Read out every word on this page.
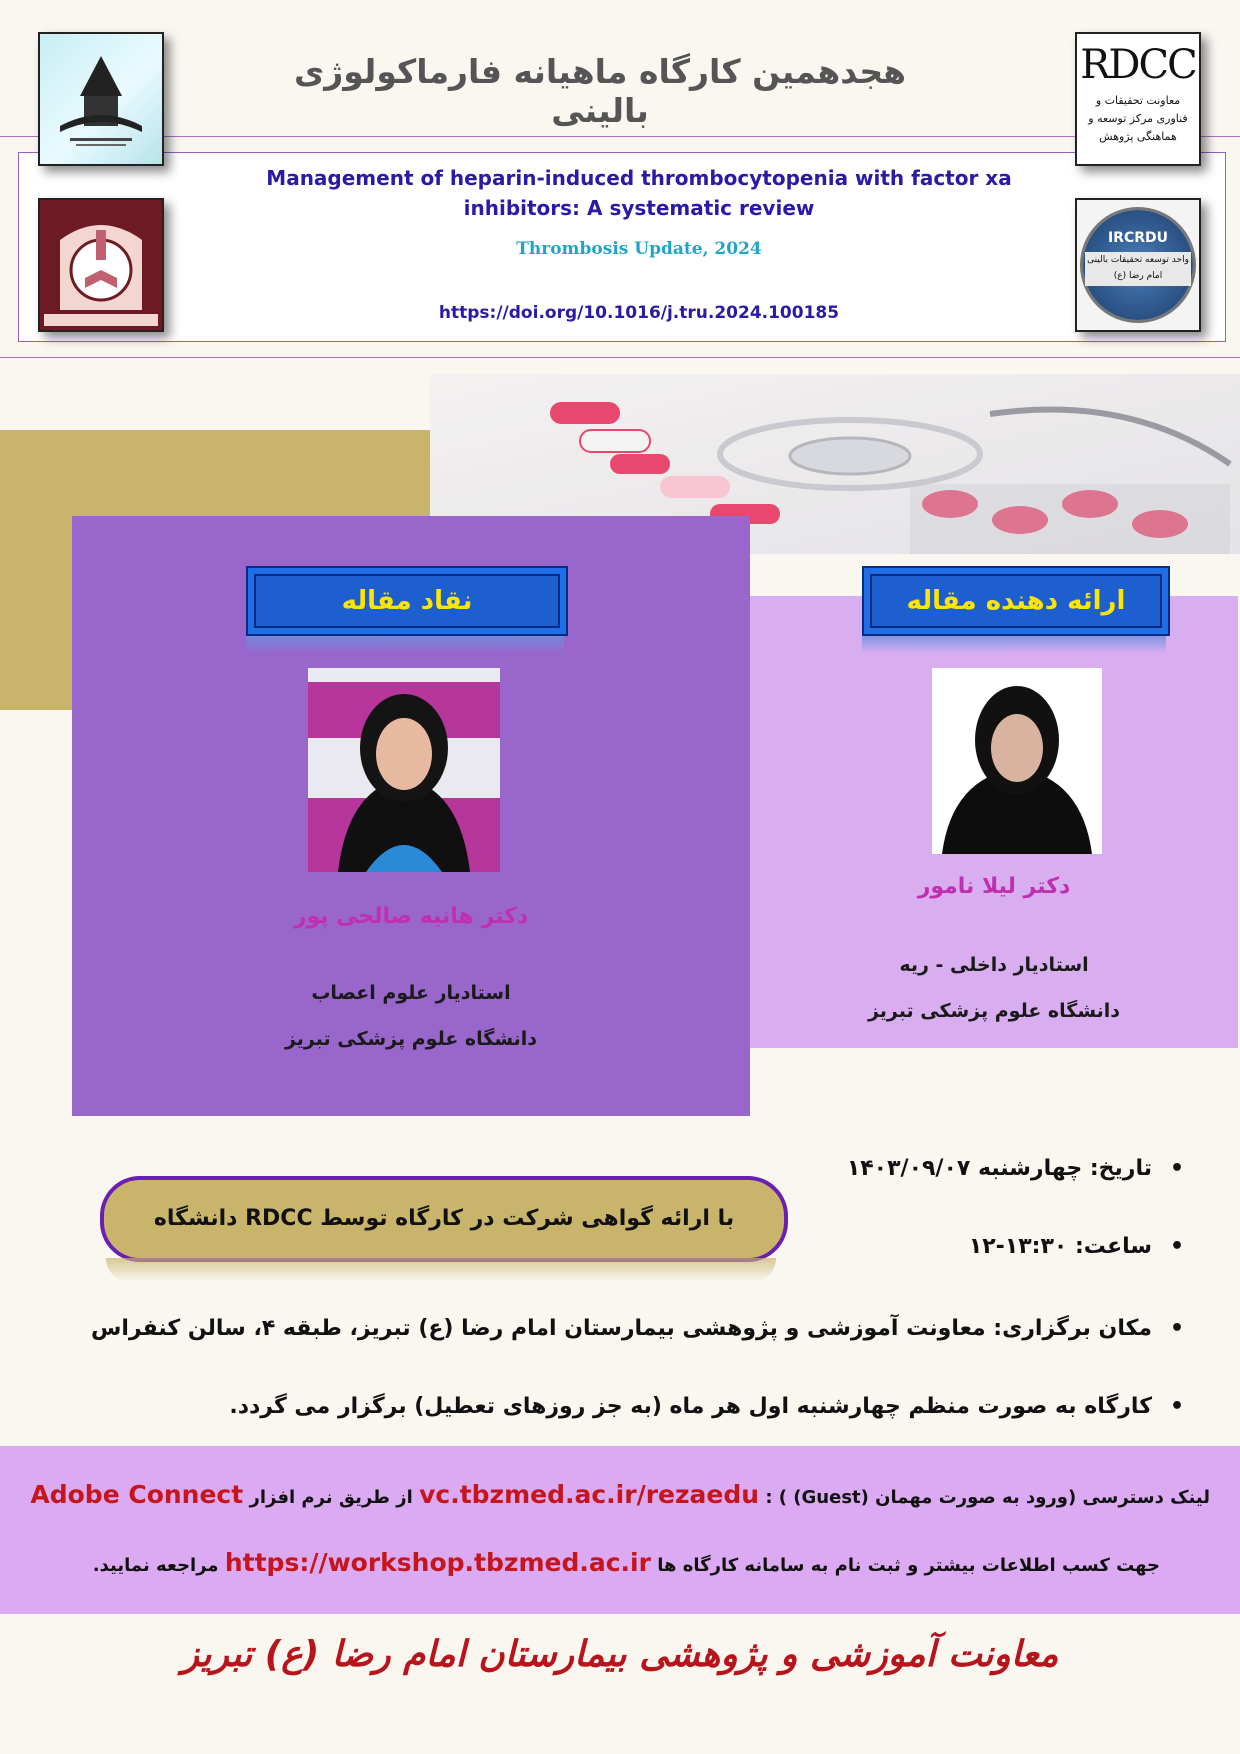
هجدهمین کارگاه ماهیانه فارماکولوژی بالینی
Management of heparin-induced thrombocytopenia with factor xa inhibitors: A systematic review
Thrombosis Update, 2024
https://doi.org/10.1016/j.tru.2024.100185
RDCC
معاونت تحقیقات و فناوری مرکز توسعه و هماهنگی پژوهش
IRCRDU
واحد توسعه تحقیقات بالینی امام رضا (ع)
نقاد مقاله
دکتر هانیه صالحی پور
استادیار علوم اعصاب
دانشگاه علوم پزشکی تبریز
ارائه دهنده مقاله
دکتر لیلا نامور
استادیار داخلی - ریه
دانشگاه علوم پزشکی تبریز
• تاریخ: چهارشنبه ۱۴۰۳/۰۹/۰۷
• ساعت: ۱۳:۳۰-۱۲
• مکان برگزاری: معاونت آموزشی و پژوهشی بیمارستان امام رضا (ع) تبریز، طبقه ۴، سالن کنفراس
• کارگاه به صورت منظم چهارشنبه اول هر ماه (به جز روزهای تعطیل) برگزار می گردد.
با ارائه گواهی شرکت در کارگاه توسط RDCC دانشگاه
لینک دسترسی (ورود به صورت مهمان (Guest) ) : vc.tbzmed.ac.ir/rezaedu از طریق نرم افزار Adobe Connect
جهت کسب اطلاعات بیشتر و ثبت نام به سامانه کارگاه ها https://workshop.tbzmed.ac.ir مراجعه نمایید.
معاونت آموزشی و پژوهشی بیمارستان امام رضا (ع) تبریز
